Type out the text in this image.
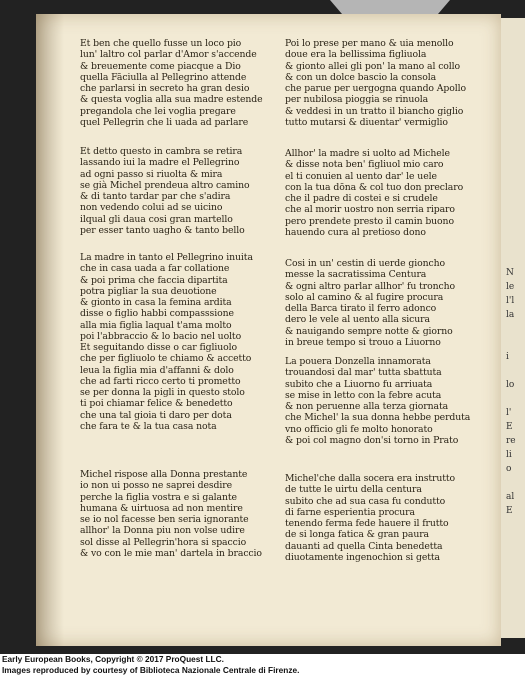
N
le
l'l
la
i
lo
l'
E
re
li
o
al
E
Et ben che quello fusse un loco pio
lun' laltro col parlar d'Amor s'accende
& breuemente come piacque a Dio
quella Fāciulla al Pellegrino attende
che parlarsi in secreto ha gran desio
& questa voglia alla sua madre estende
pregandola che lei voglia pregare
quel Pellegrin che li uada ad parlare
Et detto questo in cambra se retira
lassando iui la madre el Pellegrino
ad ogni passo si riuolta & mira
se già Michel prendeua altro camino
& di tanto tardar par che s'adira
non vedendo colui ad se uicino
ilqual gli daua cosi gran martello
per esser tanto uagho & tanto bello
La madre in tanto el Pellegrino inuita
che in casa uada a far collatione
& poi prima che faccia dipartita
potra pigliar la sua deuotione
& gionto in casa la femina ardita
disse o figlio habbi compasssione
alla mia figlia laqual t'ama molto
poi l'abbraccio & lo bacio nel uolto
Et seguitando disse o car figliuolo
che per figliuolo te chiamo & accetto
leua la figlia mia d'affanni & dolo
che ad farti ricco certo ti prometto
se per donna la pigli in questo stolo
ti poi chiamar felice & benedetto
che una tal gioia ti daro per dota
che fara te & la tua casa nota
Michel rispose alla Donna prestante
io non ui posso ne saprei desdire
perche la figlia vostra e si galante
humana & uirtuosa ad non mentire
se io nol facesse ben seria ignorante
allhor' la Donna piu non volse udire
sol disse al Pellegrin'hora si spaccio
& vo con le mie man' dartela in braccio
Poi lo prese per mano & uia menollo
doue era la bellissima figliuola
& gionto allei gli pon' la mano al collo
& con un dolce bascio la consola
che parue per uergogna quando Apollo
per nubilosa pioggia se rinuola
& veddesi in un tratto il biancho giglio
tutto mutarsi & diuentar' vermiglio
Allhor' la madre si uolto ad Michele
& disse nota ben' figliuol mio caro
el ti conuien al uento dar' le uele
con la tua dōna & col tuo don preclaro
che il padre di costei e si crudele
che al morir uostro non serria riparo
pero prendete presto il camin buono
hauendo cura al pretioso dono
Cosi in un' cestin di uerde gioncho
messe la sacratissima Centura
& ogni altro parlar allhor' fu troncho
solo al camino & al fugire procura
della Barca tirato il ferro adonco
dero le vele al uento alla sicura
& nauigando sempre notte & giorno
in breue tempo si trouo a Liuorno
La pouera Donzella innamorata
trouandosi dal mar' tutta sbattuta
subito che a Liuorno fu arriuata
se mise in letto con la febre acuta
& non peruenne alla terza giornata
che Michel' la sua donna hebbe perduta
vno officio gli fe molto honorato
& poi col magno don'si torno in Prato
Michel'che dalla socera era instrutto
de tutte le uirtu della centura
subito che ad sua casa fu condutto
di farne esperientia procura
tenendo ferma fede hauere il frutto
de si longa fatica & gran paura
dauanti ad quella Cinta benedetta
diuotamente ingenochion si getta
Early European Books, Copyright © 2017 ProQuest LLC.
Images reproduced by courtesy of Biblioteca Nazionale Centrale di Firenze.
